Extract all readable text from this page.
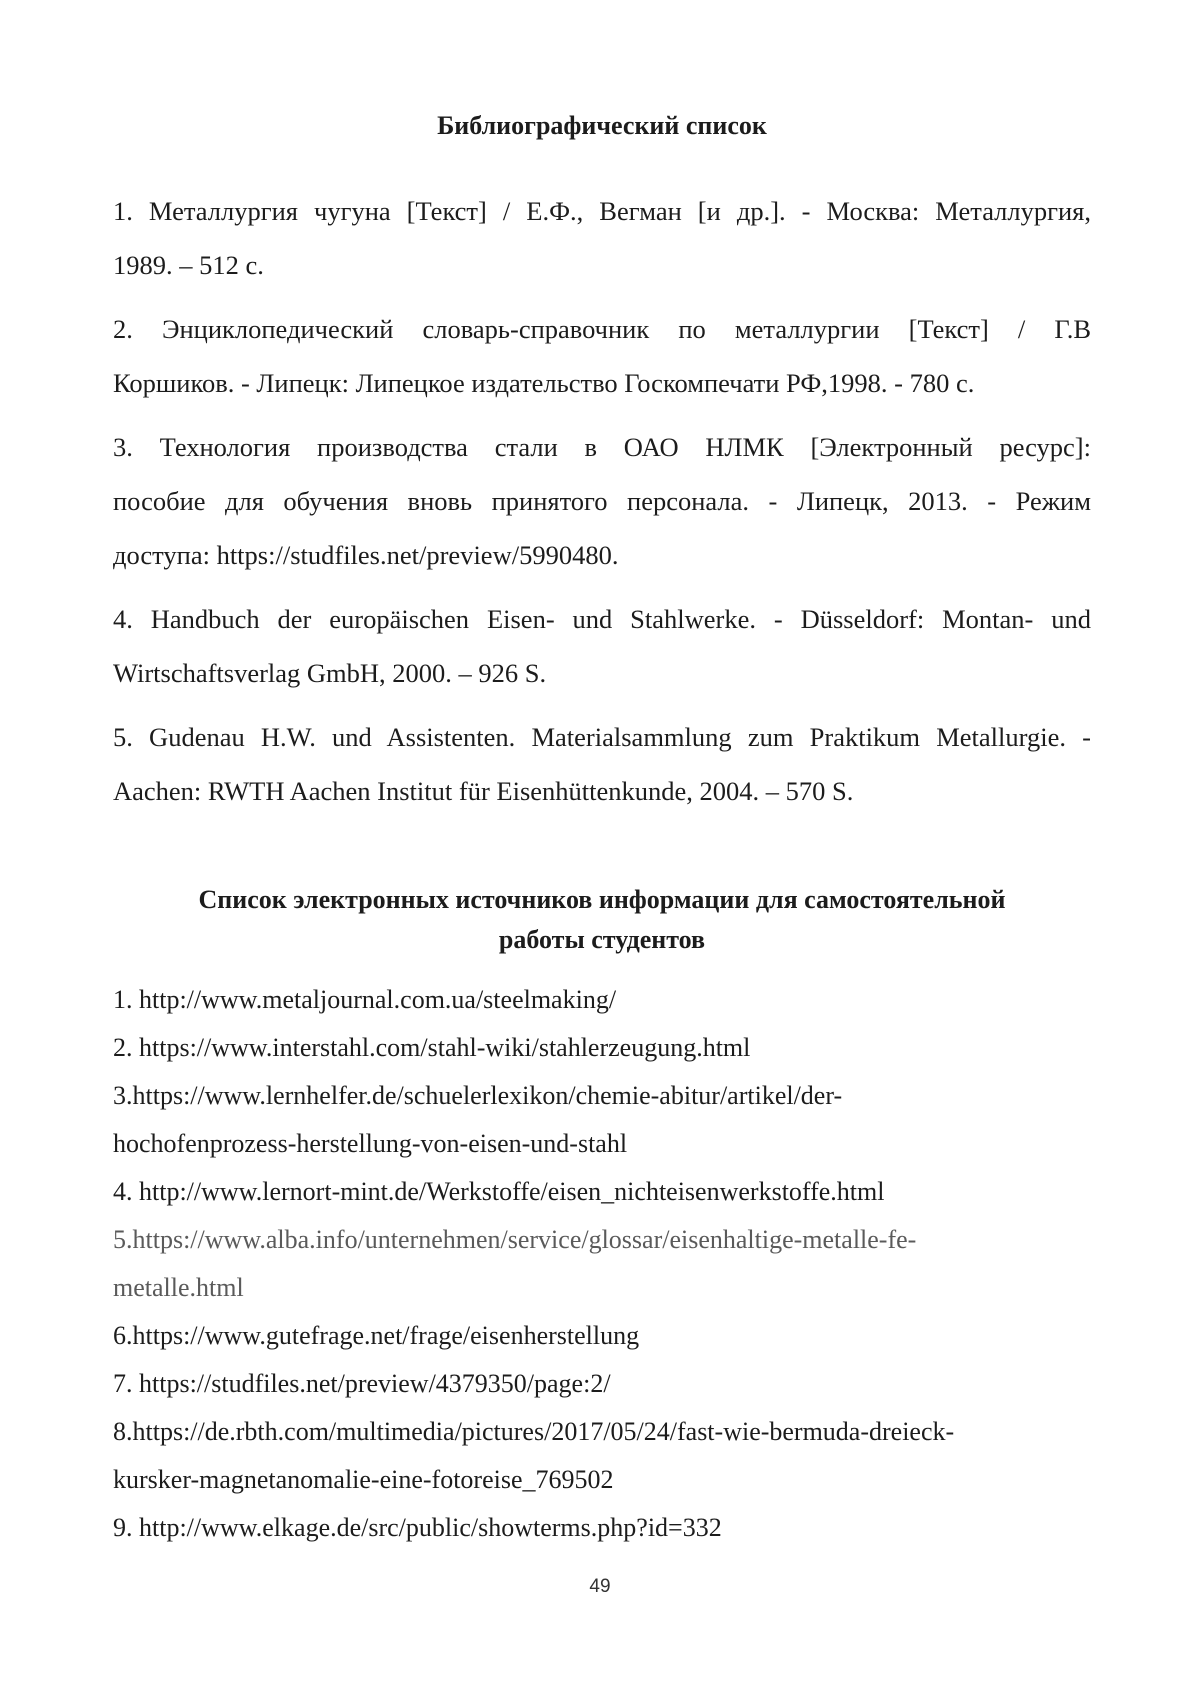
Библиографический список

1. Металлургия чугуна [Текст] / Е.Ф., Вегман [и др.]. - Москва: Металлургия,
1989. – 512 с.

2. Энциклопедический словарь-справочник по металлургии [Текст] / Г.В
Коршиков. - Липецк: Липецкое издательство Госкомпечати РФ,1998. - 780 с.

3. Технология производства стали в ОАО НЛМК [Электронный ресурс]:
пособие для обучения вновь принятого персонала. - Липецк, 2013. - Режим
доступа: https://studfiles.net/preview/5990480.

4. Handbuch der europäischen Eisen- und Stahlwerke. - Düsseldorf: Montan- und
Wirtschaftsverlag GmbH, 2000. – 926 S.

5. Gudenau H.W. und Assistenten. Materialsammlung zum Praktikum Metallurgie. -
Aachen: RWTH Aachen Institut für Eisenhüttenkunde, 2004. – 570 S.

Список электронных источников информации для самостоятельной
работы студентов

1. http://www.metaljournal.com.ua/steelmaking/

2. https://www.interstahl.com/stahl-wiki/stahlerzeugung.html

3.https://www.lernhelfer.de/schuelerlexikon/chemie-abitur/artikel/der-

hochofenprozess-herstellung-von-eisen-und-stahl

4. http://www.lernort-mint.de/Werkstoffe/eisen_nichteisenwerkstoffe.html

5.https://www.alba.info/unternehmen/service/glossar/eisenhaltige-metalle-fe-

metalle.html

6.https://www.gutefrage.net/frage/eisenherstellung

7. https://studfiles.net/preview/4379350/page:2/

8.https://de.rbth.com/multimedia/pictures/2017/05/24/fast-wie-bermuda-dreieck-

kursker-magnetanomalie-eine-fotoreise_769502

9. http://www.elkage.de/src/public/showterms.php?id=332

49
